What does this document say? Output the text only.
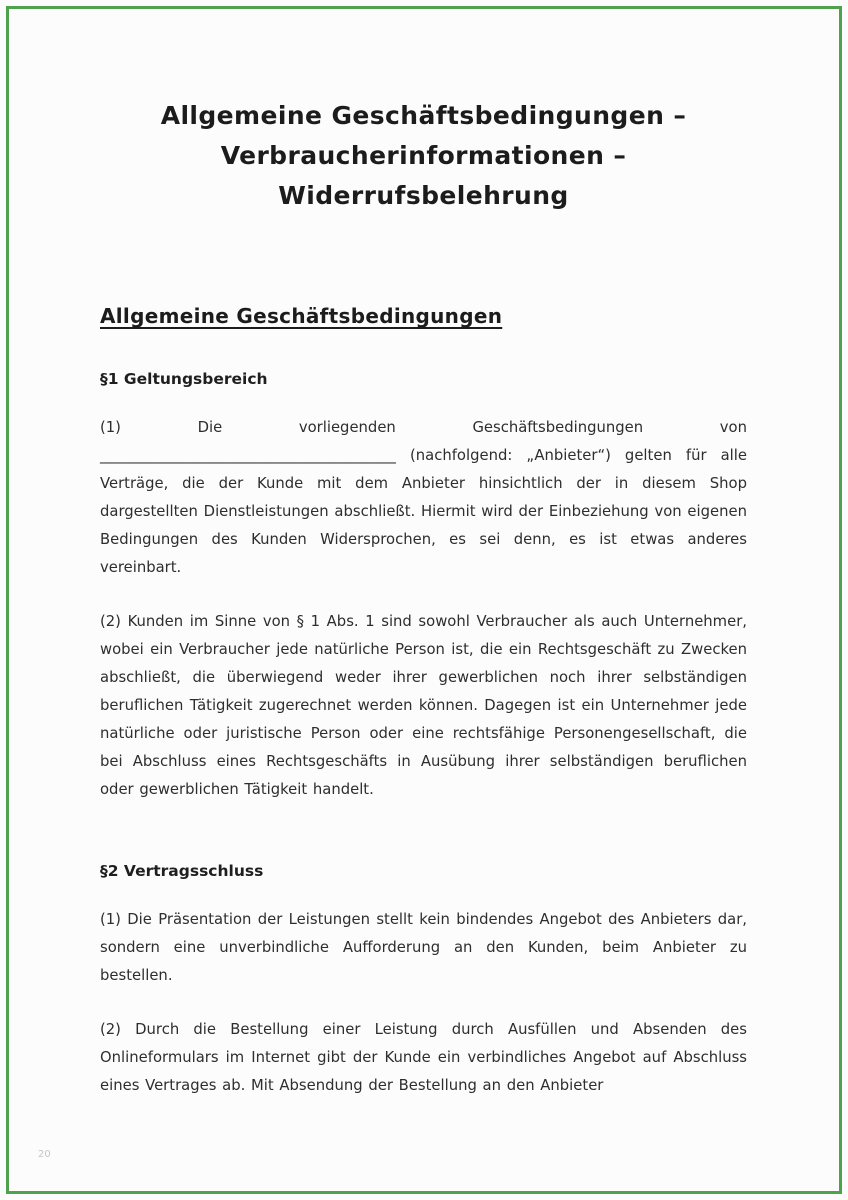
Allgemeine Geschäftsbedingungen –
Verbraucherinformationen – Widerrufsbelehrung
Allgemeine Geschäftsbedingungen
§1 Geltungsbereich

(1) Die vorliegenden Geschäftsbedingungen von ________________________________________ (nachfolgend: „Anbieter“) gelten für alle Verträge, die der Kunde mit dem Anbieter hinsichtlich der in diesem Shop dargestellten Dienstleistungen abschließt. Hiermit wird der Einbeziehung von eigenen Bedingungen des Kunden Widersprochen, es sei denn, es ist etwas anderes vereinbart.

(2) Kunden im Sinne von § 1 Abs. 1 sind sowohl Verbraucher als auch Unternehmer, wobei ein Verbraucher jede natürliche Person ist, die ein Rechtsgeschäft zu Zwecken abschließt, die überwiegend weder ihrer gewerblichen noch ihrer selbständigen beruflichen Tätigkeit zugerechnet werden können. Dagegen ist ein Unternehmer jede natürliche oder juristische Person oder eine rechtsfähige Personengesellschaft, die bei Abschluss eines Rechtsgeschäfts in Ausübung ihrer selbständigen beruflichen oder gewerblichen Tätigkeit handelt.

§2 Vertragsschluss

(1) Die Präsentation der Leistungen stellt kein bindendes Angebot des Anbieters dar, sondern eine unverbindliche Aufforderung an den Kunden, beim Anbieter zu bestellen.

(2) Durch die Bestellung einer Leistung durch Ausfüllen und Absenden des Onlineformulars im Internet gibt der Kunde ein verbindliches Angebot auf Abschluss eines Vertrages ab. Mit Absendung der Bestellung an den Anbieter

20
